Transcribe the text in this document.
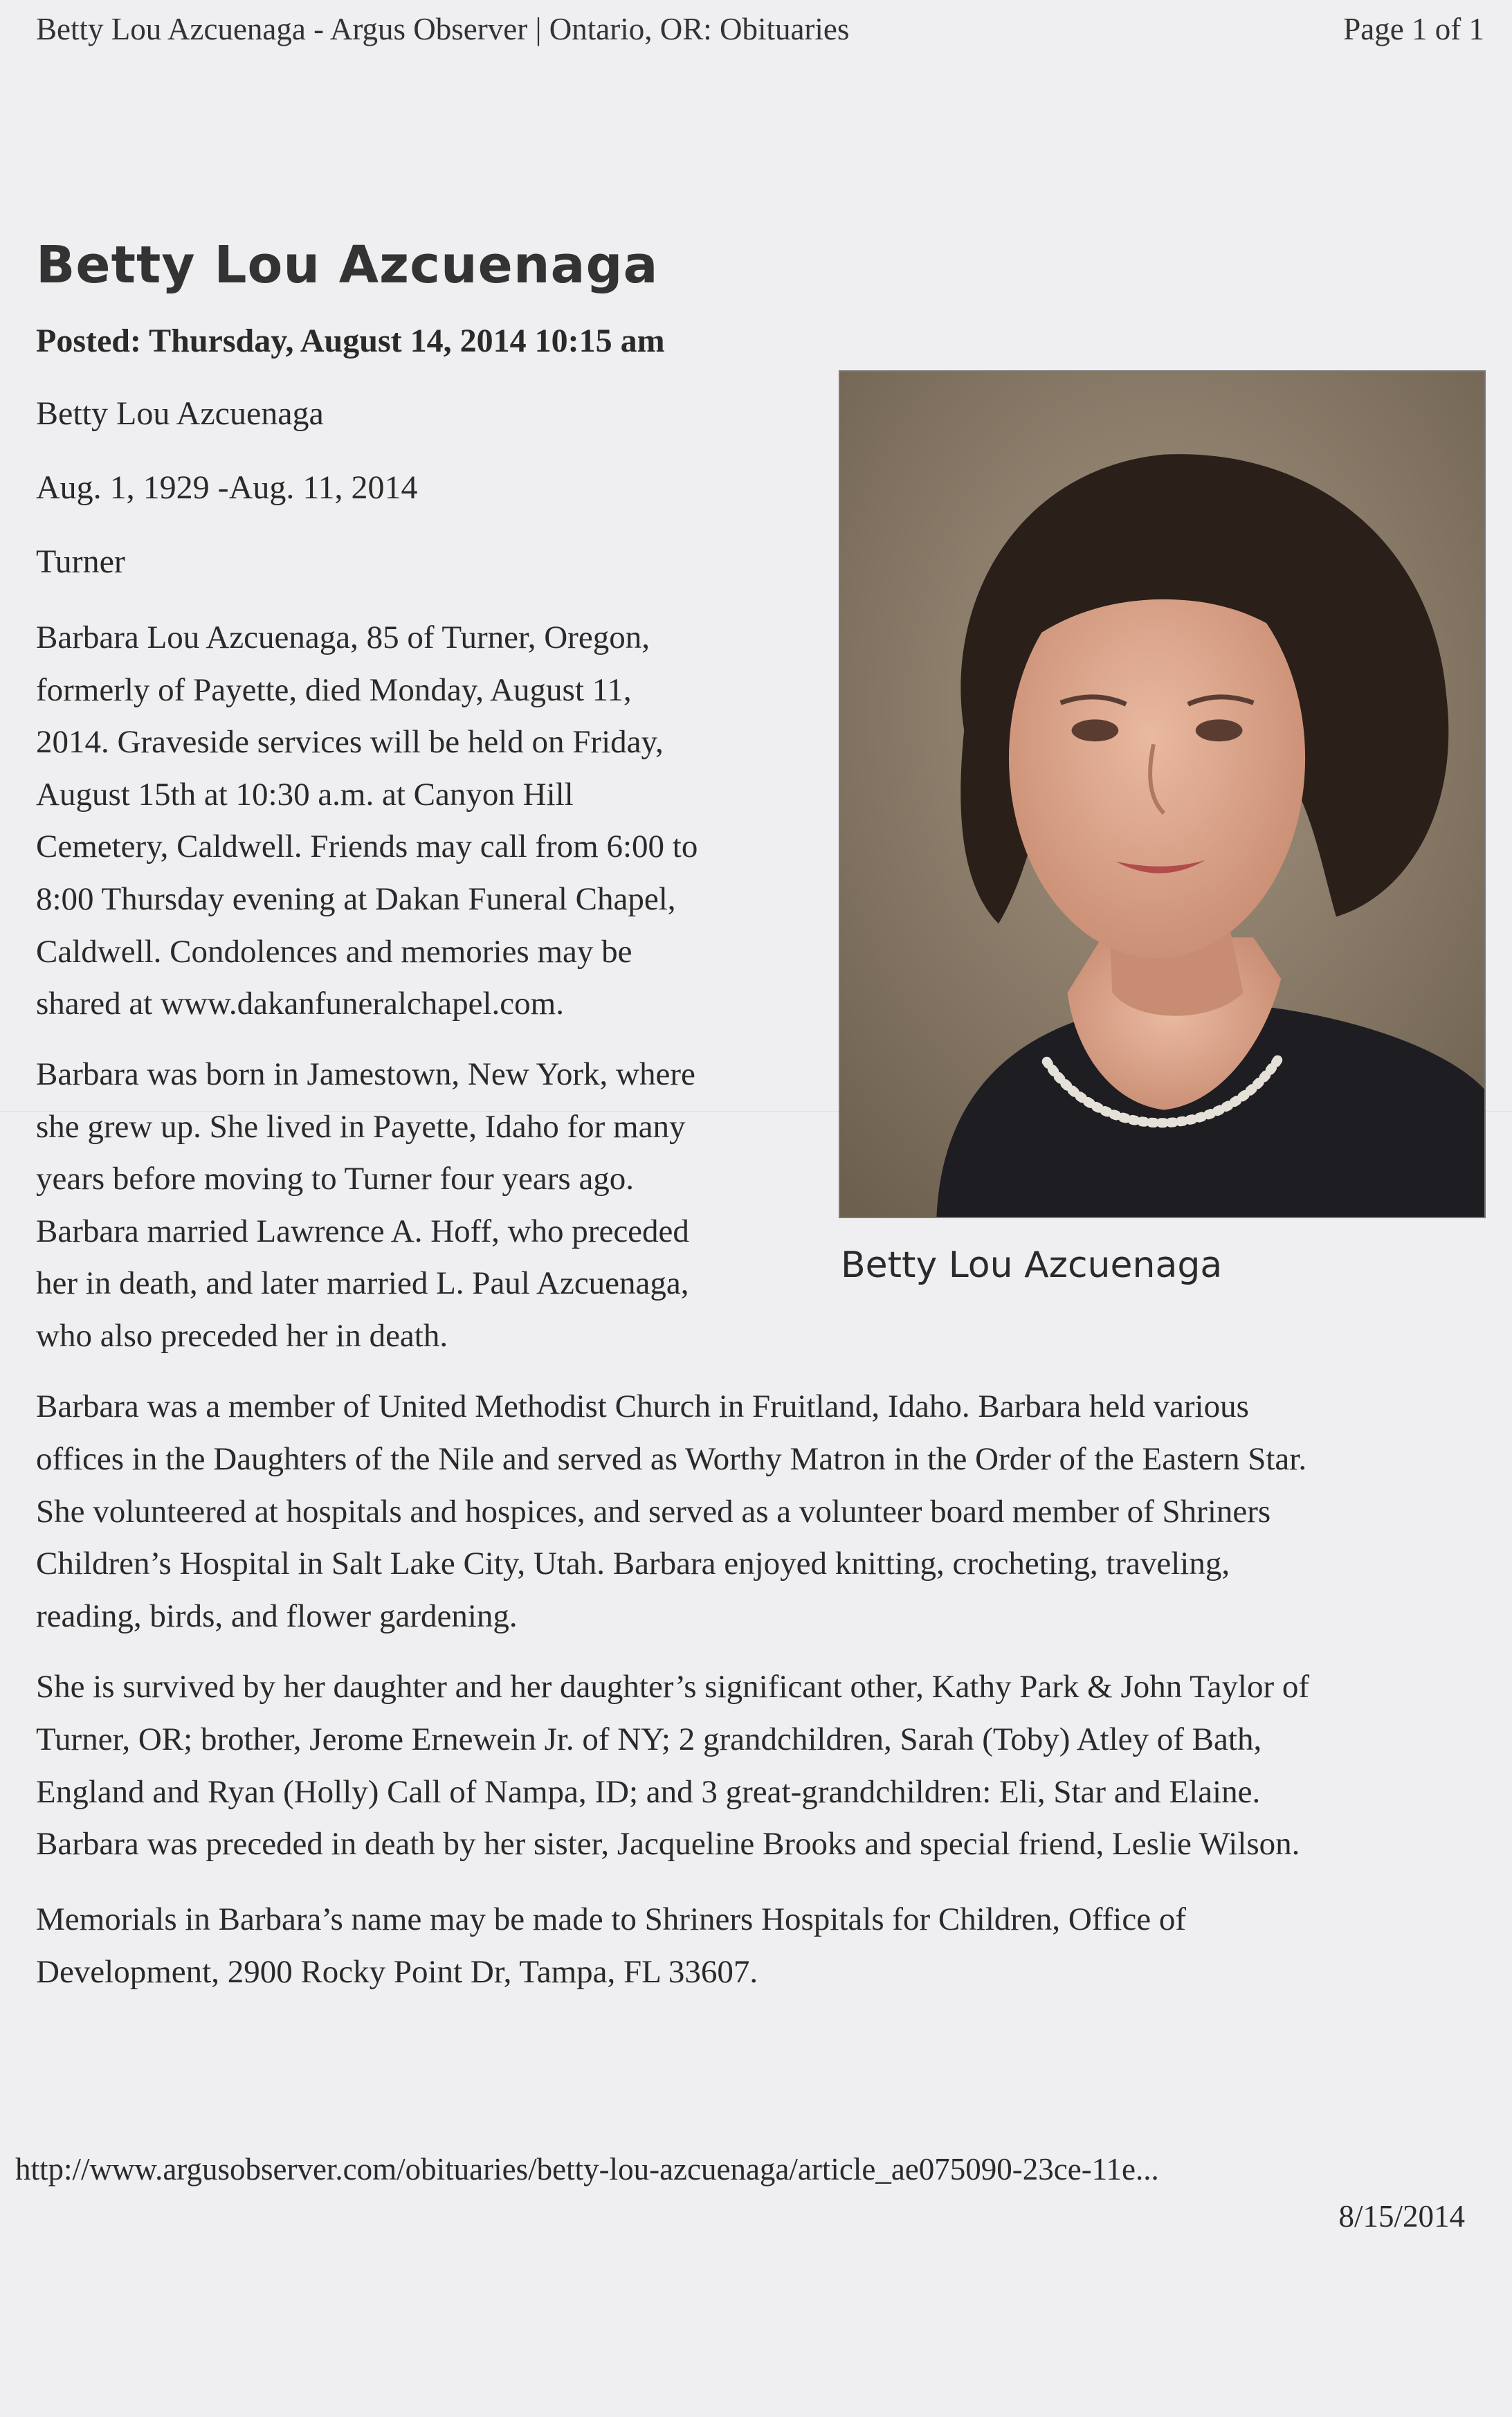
Betty Lou Azcuenaga - Argus Observer | Ontario, OR: Obituaries	Page 1 of 1
Betty Lou Azcuenaga
Posted: Thursday, August 14, 2014 10:15 am
Betty Lou Azcuenaga
Aug. 1, 1929 -Aug. 11, 2014
Turner

Barbara Lou Azcuenaga, 85 of Turner, Oregon,
formerly of Payette, died Monday, August 11,
2014. Graveside services will be held on Friday,
August 15th at 10:30 a.m. at Canyon Hill
Cemetery, Caldwell. Friends may call from 6:00 to
8:00 Thursday evening at Dakan Funeral Chapel,
Caldwell. Condolences and memories may be
shared at www.dakanfuneralchapel.com.

Barbara was born in Jamestown, New York, where
she grew up. She lived in Payette, Idaho for many
years before moving to Turner four years ago.
Barbara married Lawrence A. Hoff, who preceded
her in death, and later married L. Paul Azcuenaga,
who also preceded her in death.

Betty Lou Azcuenaga

Barbara was a member of United Methodist Church in Fruitland, Idaho. Barbara held various
offices in the Daughters of the Nile and served as Worthy Matron in the Order of the Eastern Star.
She volunteered at hospitals and hospices, and served as a volunteer board member of Shriners
Children’s Hospital in Salt Lake City, Utah. Barbara enjoyed knitting, crocheting, traveling,
reading, birds, and flower gardening.

She is survived by her daughter and her daughter’s significant other, Kathy Park & John Taylor of
Turner, OR; brother, Jerome Ernewein Jr. of NY; 2 grandchildren, Sarah (Toby) Atley of Bath,
England and Ryan (Holly) Call of Nampa, ID; and 3 great-grandchildren: Eli, Star and Elaine.
Barbara was preceded in death by her sister, Jacqueline Brooks and special friend, Leslie Wilson.

Memorials in Barbara’s name may be made to Shriners Hospitals for Children, Office of
Development, 2900 Rocky Point Dr, Tampa, FL 33607.

http://www.argusobserver.com/obituaries/betty-lou-azcuenaga/article_ae075090-23ce-11e...
8/15/2014
